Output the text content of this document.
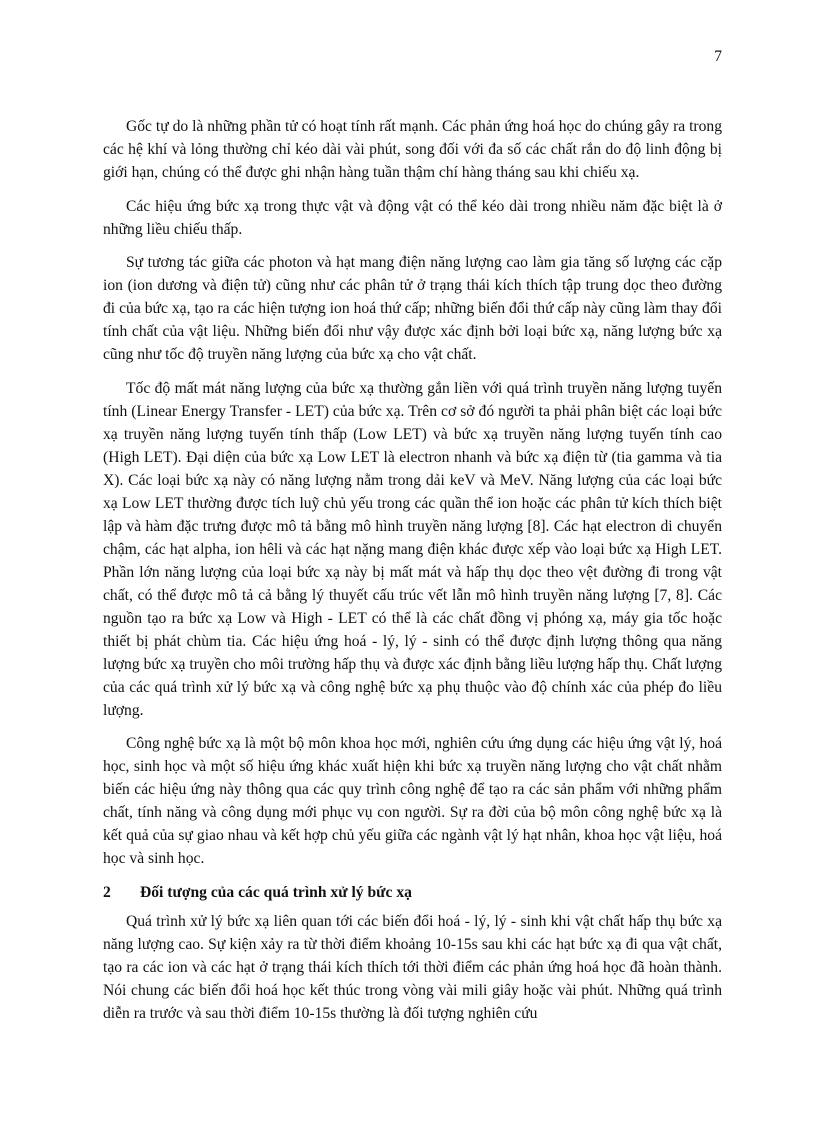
7

Gốc tự do là những phần tử có hoạt tính rất mạnh. Các phản ứng hoá học do chúng gây ra trong các hệ khí và lỏng thường chỉ kéo dài vài phút, song đối với đa số các chất rắn do độ linh động bị giới hạn, chúng có thể được ghi nhận hàng tuần thậm chí hàng tháng sau khi chiếu xạ.

Các hiệu ứng bức xạ trong thực vật và động vật có thể kéo dài trong nhiều năm đặc biệt là ở những liều chiếu thấp.

Sự tương tác giữa các photon và hạt mang điện năng lượng cao làm gia tăng số lượng các cặp ion (ion dương và điện tử) cũng như các phân tử ở trạng thái kích thích tập trung dọc theo đường đi của bức xạ, tạo ra các hiện tượng ion hoá thứ cấp; những biến đổi thứ cấp này cũng làm thay đổi tính chất của vật liệu. Những biến đổi như vậy được xác định bởi loại bức xạ, năng lượng bức xạ cũng như tốc độ truyền năng lượng của bức xạ cho vật chất.

Tốc độ mất mát năng lượng của bức xạ thường gắn liền với quá trình truyền năng lượng tuyến tính (Linear Energy Transfer - LET) của bức xạ. Trên cơ sở đó người ta phải phân biệt các loại bức xạ truyền năng lượng tuyến tính thấp (Low LET) và bức xạ truyền năng lượng tuyến tính cao (High LET). Đại diện của bức xạ Low LET là electron nhanh và bức xạ điện từ (tia gamma và tia X). Các loại bức xạ này có năng lượng nằm trong dải keV và MeV. Năng lượng của các loại bức xạ Low LET thường được tích luỹ chủ yếu trong các quần thể ion hoặc các phân tử kích thích biệt lập và hàm đặc trưng được mô tả bằng mô hình truyền năng lượng [8]. Các hạt electron di chuyển chậm, các hạt alpha, ion hêli và các hạt nặng mang điện khác được xếp vào loại bức xạ High LET. Phần lớn năng lượng của loại bức xạ này bị mất mát và hấp thụ dọc theo vệt đường đi trong vật chất, có thể được mô tả cả bằng lý thuyết cấu trúc vết lẫn mô hình truyền năng lượng [7, 8]. Các nguồn tạo ra bức xạ Low và High - LET có thể là các chất đồng vị phóng xạ, máy gia tốc hoặc thiết bị phát chùm tia. Các hiệu ứng hoá - lý, lý - sinh có thể được định lượng thông qua năng lượng bức xạ truyền cho môi trường hấp thụ và được xác định bằng liều lượng hấp thụ. Chất lượng của các quá trình xử lý bức xạ và công nghệ bức xạ phụ thuộc vào độ chính xác của phép đo liều lượng.

Công nghệ bức xạ là một bộ môn khoa học mới, nghiên cứu ứng dụng các hiệu ứng vật lý, hoá học, sinh học và một số hiệu ứng khác xuất hiện khi bức xạ truyền năng lượng cho vật chất nhằm biến các hiệu ứng này thông qua các quy trình công nghệ để tạo ra các sản phẩm với những phẩm chất, tính năng và công dụng mới phục vụ con người. Sự ra đời của bộ môn công nghệ bức xạ là kết quả của sự giao nhau và kết hợp chủ yếu giữa các ngành vật lý hạt nhân, khoa học vật liệu, hoá học và sinh học.

2	Đối tượng của các quá trình xử lý bức xạ

Quá trình xử lý bức xạ liên quan tới các biến đổi hoá - lý, lý - sinh khi vật chất hấp thụ bức xạ năng lượng cao. Sự kiện xảy ra từ thời điểm khoảng 10-15s sau khi các hạt bức xạ đi qua vật chất, tạo ra các ion và các hạt ở trạng thái kích thích tới thời điểm các phản ứng hoá học đã hoàn thành. Nói chung các biến đổi hoá học kết thúc trong vòng vài mili giây hoặc vài phút. Những quá trình diễn ra trước và sau thời điểm 10-15s thường là đối tượng nghiên cứu
